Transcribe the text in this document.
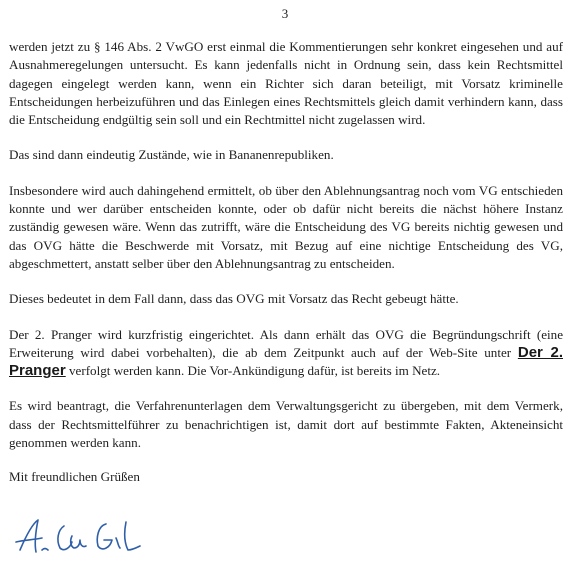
3

werden jetzt zu § 146 Abs. 2 VwGO erst einmal die Kommentierungen sehr konkret eingesehen und auf Ausnahmeregelungen untersucht. Es kann jedenfalls nicht in Ordnung sein, dass kein Rechtsmittel dagegen eingelegt werden kann, wenn ein Richter sich daran beteiligt, mit Vorsatz kriminelle Entscheidungen herbeizuführen und das Einlegen eines Rechtsmittels gleich damit verhindern kann, dass die Entscheidung endgültig sein soll und ein Rechtmittel nicht zugelassen wird.

Das sind dann eindeutig Zustände, wie in Bananenrepubliken.

Insbesondere wird auch dahingehend ermittelt, ob über den Ablehnungsantrag noch vom VG entschieden konnte und wer darüber entscheiden konnte, oder ob dafür nicht bereits die nächst höhere Instanz zuständig gewesen wäre. Wenn das zutrifft, wäre die Entscheidung des VG bereits nichtig gewesen und das OVG hätte die Beschwerde mit Vorsatz, mit Bezug auf eine nichtige Entscheidung des VG, abgeschmettert, anstatt selber über den Ablehnungsantrag zu entscheiden.

Dieses bedeutet in dem Fall dann, dass das OVG mit Vorsatz das Recht gebeugt hätte.

Der 2. Pranger wird kurzfristig eingerichtet. Als dann erhält das OVG die Begründungschrift (eine Erweiterung wird dabei vorbehalten), die ab dem Zeitpunkt auch auf der Web-Site unter Der 2. Pranger verfolgt werden kann. Die Vor-Ankündigung dafür, ist bereits im Netz.

Es wird beantragt, die Verfahrenunterlagen dem Verwaltungsgericht zu übergeben, mit dem Vermerk, dass der Rechtsmittelführer zu benachrichtigen ist, damit dort auf bestimmte Fakten, Akteneinsicht genommen werden kann.

Mit freundlichen Grüßen
